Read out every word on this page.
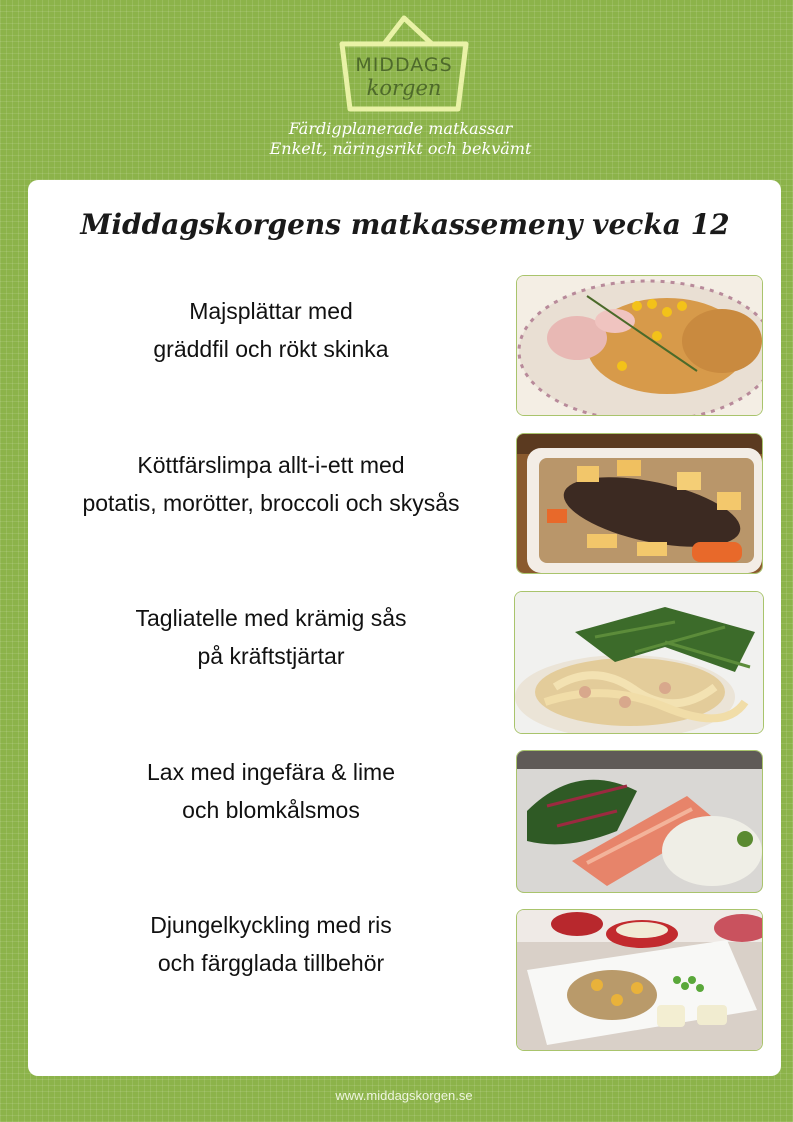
MIDDAGS
korgen
Färdigplanerade matkassar
Enkelt, näringsrikt och bekvämt
Middagskorgens matkassemeny vecka 12
Majsplättar med
gräddfil och rökt skinka
Köttfärslimpa allt-i-ett med
potatis, morötter, broccoli och skysås
Tagliatelle med krämig sås
på kräftstjärtar
Lax med ingefära & lime
och blomkålsmos
Djungelkyckling med ris
och färgglada tillbehör
www.middagskorgen.se
